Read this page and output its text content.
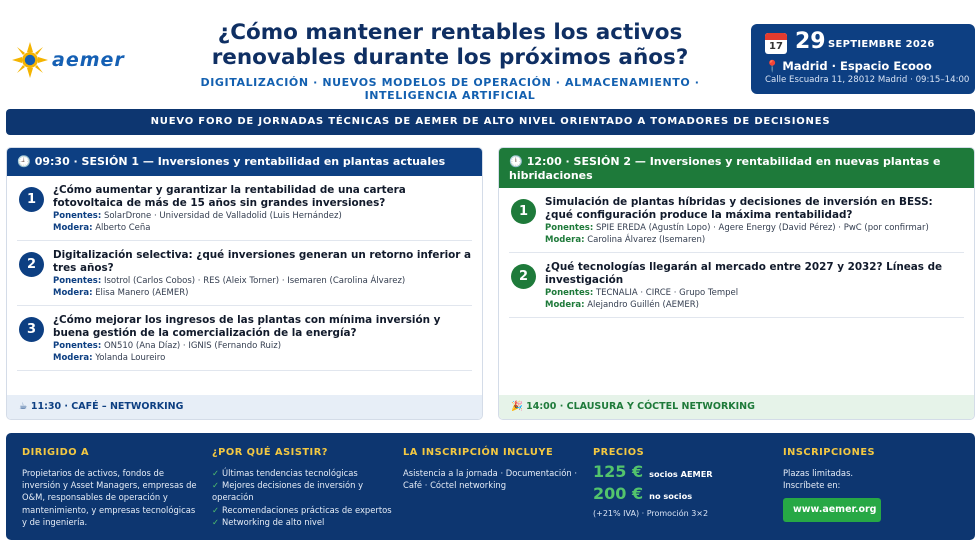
aemer
¿Cómo mantener rentables los activos renovables durante los próximos años?
DIGITALIZACIÓN · NUEVOS MODELOS DE OPERACIÓN · ALMACENAMIENTO · INTELIGENCIA ARTIFICIAL
17 29 SEPTIEMBRE 2026
📍 Madrid · Espacio Ecooo
Calle Escuadra 11, 28012 Madrid · 09:15–14:00
NUEVO FORO DE JORNADAS TÉCNICAS DE AEMER DE ALTO NIVEL ORIENTADO A TOMADORES DE DECISIONES
🕘 09:30 · SESIÓN 1 — Inversiones y rentabilidad en plantas actuales
1
¿Cómo aumentar y garantizar la rentabilidad de una cartera fotovoltaica de más de 15 años sin grandes inversiones?
Ponentes: SolarDrone · Universidad de Valladolid (Luis Hernández)
Modera: Alberto Ceña
2
Digitalización selectiva: ¿qué inversiones generan un retorno inferior a tres años?
Ponentes: Isotrol (Carlos Cobos) · RES (Aleix Torner) · Isemaren (Carolina Álvarez)
Modera: Elisa Manero (AEMER)
3
¿Cómo mejorar los ingresos de las plantas con mínima inversión y buena gestión de la comercialización de la energía?
Ponentes: ON510 (Ana Díaz) · IGNIS (Fernando Ruiz)
Modera: Yolanda Loureiro
☕ 11:30 · CAFÉ – NETWORKING
🕛 12:00 · SESIÓN 2 — Inversiones y rentabilidad en nuevas plantas e hibridaciones
1
Simulación de plantas híbridas y decisiones de inversión en BESS: ¿qué configuración produce la máxima rentabilidad?
Ponentes: SPIE EREDA (Agustín Lopo) · Agere Energy (David Pérez) · PwC (por confirmar)
Modera: Carolina Álvarez (Isemaren)
2
¿Qué tecnologías llegarán al mercado entre 2027 y 2032? Líneas de investigación
Ponentes: TECNALIA · CIRCE · Grupo Tempel
Modera: Alejandro Guillén (AEMER)
🎉 14:00 · CLAUSURA Y CÓCTEL NETWORKING
DIRIGIDO A
Propietarios de activos, fondos de inversión y Asset Managers, empresas de O&M, responsables de operación y mantenimiento, y empresas tecnológicas y de ingeniería.
¿POR QUÉ ASISTIR?
✓ Últimas tendencias tecnológicas
✓ Mejores decisiones de inversión y operación
✓ Recomendaciones prácticas de expertos
✓ Networking de alto nivel
LA INSCRIPCIÓN INCLUYE
Asistencia a la jornada · Documentación · Café · Cóctel networking
PRECIOS
125 € socios AEMER
200 € no socios
(+21% IVA) · Promoción 3×2
INSCRIPCIONES
Plazas limitadas.
Inscríbete en:
www.aemer.org
